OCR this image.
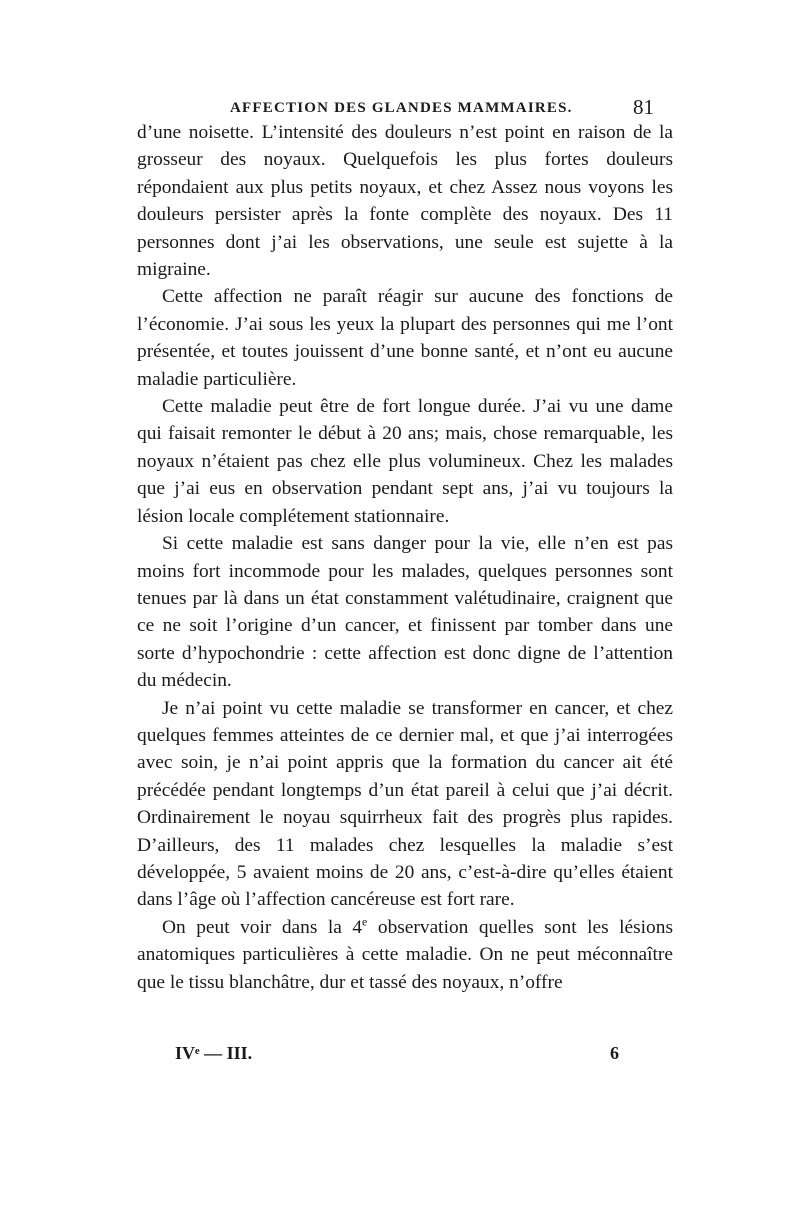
AFFECTION DES GLANDES MAMMAIRES.	81

d’une noisette. L’intensité des douleurs n’est point en raison de la grosseur des noyaux. Quelquefois les plus fortes douleurs répondaient aux plus petits noyaux, et chez Assez nous voyons les douleurs persister après la fonte complète des noyaux. Des 11 personnes dont j’ai les observations, une seule est sujette à la migraine.

Cette affection ne paraît réagir sur aucune des fonctions de l’économie. J’ai sous les yeux la plupart des personnes qui me l’ont présentée, et toutes jouissent d’une bonne santé, et n’ont eu aucune maladie particulière.

Cette maladie peut être de fort longue durée. J’ai vu une dame qui faisait remonter le début à 20 ans; mais, chose remarquable, les noyaux n’étaient pas chez elle plus volumineux. Chez les malades que j’ai eus en observation pendant sept ans, j’ai vu toujours la lésion locale complétement stationnaire.

Si cette maladie est sans danger pour la vie, elle n’en est pas moins fort incommode pour les malades, quelques personnes sont tenues par là dans un état constamment valétudinaire, craignent que ce ne soit l’origine d’un cancer, et finissent par tomber dans une sorte d’hypochondrie : cette affection est donc digne de l’attention du médecin.

Je n’ai point vu cette maladie se transformer en cancer, et chez quelques femmes atteintes de ce dernier mal, et que j’ai interrogées avec soin, je n’ai point appris que la formation du cancer ait été précédée pendant longtemps d’un état pareil à celui que j’ai décrit. Ordinairement le noyau squirrheux fait des progrès plus rapides. D’ailleurs, des 11 malades chez lesquelles la maladie s’est développée, 5 avaient moins de 20 ans, c’est-à-dire qu’elles étaient dans l’âge où l’affection cancéreuse est fort rare.

On peut voir dans la 4e observation quelles sont les lésions anatomiques particulières à cette maladie. On ne peut méconnaître que le tissu blanchâtre, dur et tassé des noyaux, n’offre

IVᵉ — III.	6
